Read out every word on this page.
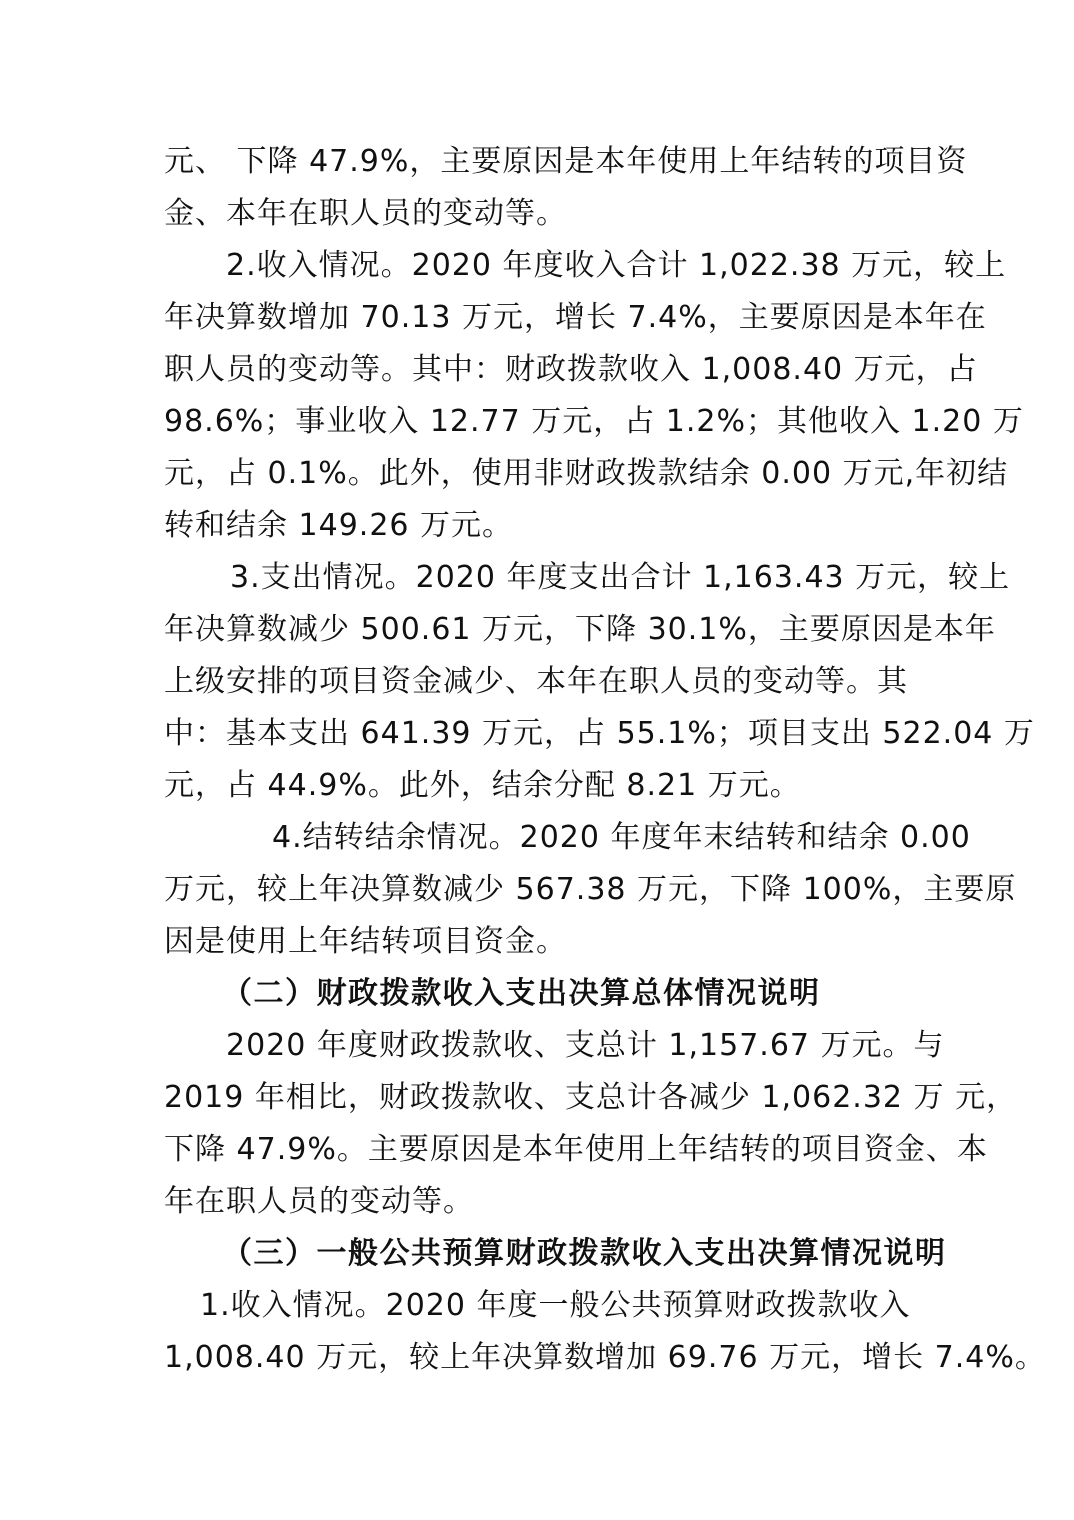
元、 下降 47.9%，主要原因是本年使用上年结转的项目资
金、本年在职人员的变动等。
2.收入情况。2020 年度收入合计 1,022.38 万元，较上
年决算数增加 70.13 万元，增长 7.4%，主要原因是本年在
职人员的变动等。其中：财政拨款收入 1,008.40 万元，占
98.6%；事业收入 12.77 万元，占 1.2%；其他收入 1.20 万
元，占 0.1%。此外，使用非财政拨款结余 0.00 万元,年初结
转和结余 149.26 万元。
3.支出情况。2020 年度支出合计 1,163.43 万元，较上
年决算数减少 500.61 万元，下降 30.1%，主要原因是本年
上级安排的项目资金减少、本年在职人员的变动等。其
中：基本支出 641.39 万元，占 55.1%；项目支出 522.04 万
元，占 44.9%。此外，结余分配 8.21 万元。
4.结转结余情况。2020 年度年末结转和结余 0.00
万元，较上年决算数减少 567.38 万元，下降 100%，主要原
因是使用上年结转项目资金。
（二）财政拨款收入支出决算总体情况说明
2020 年度财政拨款收、支总计 1,157.67 万元。与
2019 年相比，财政拨款收、支总计各减少 1,062.32 万 元，
下降 47.9%。主要原因是本年使用上年结转的项目资金、本
年在职人员的变动等。
（三）一般公共预算财政拨款收入支出决算情况说明
1.收入情况。2020 年度一般公共预算财政拨款收入
1,008.40 万元，较上年决算数增加 69.76 万元，增长 7.4%。
